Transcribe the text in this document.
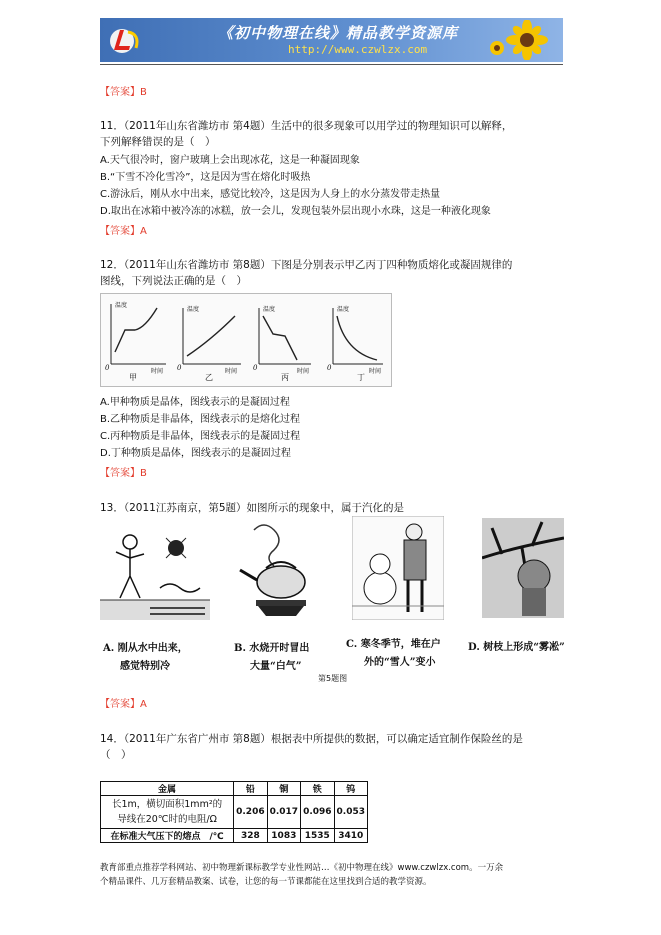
《初中物理在线》精品教学资源库
http://www.czwlzx.com
【答案】B
11．（2011年山东省潍坊市 第4题）生活中的很多现象可以用学过的物理知识可以解释，
下列解释错误的是（　）
A.天气很冷时，窗户玻璃上会出现冰花，这是一种凝固现象
B.“下雪不冷化雪冷”，这是因为雪在熔化时吸热
C.游泳后，刚从水中出来，感觉比较冷，这是因为人身上的水分蒸发带走热量
D.取出在冰箱中被冷冻的冰糕，放一会儿，发现包装外层出现小水珠，这是一种液化现象
【答案】A
12．（2011年山东省潍坊市 第8题）下图是分别表示甲乙丙丁四种物质熔化或凝固规律的
图线，下列说法正确的是（　）
温度
时间
0
甲
温度
时间
0
乙
温度
时间
0
丙
温度
时间
0
丁
A.甲种物质是晶体，图线表示的是凝固过程
B.乙种物质是非晶体，图线表示的是熔化过程
C.丙种物质是非晶体，图线表示的是凝固过程
D.丁种物质是晶体，图线表示的是凝固过程
【答案】B
13．（2011江苏南京，第5题）如图所示的现象中，属于汽化的是
A. 刚从水中出来，
感觉特别冷
B. 水烧开时冒出
大量“白气”
C. 寒冬季节，堆在户
外的“雪人”变小
D. 树枝上形成“雾凇”
第5题图
【答案】A
14．（2011年广东省广州市 第8题）根据表中所提供的数据，可以确定适宜制作保险丝的是
（　）
金属	铅	铜	铁	钨

长1m，横切面积1mm²的
导线在20℃时的电阻/Ω	0.206	0.017	0.096	0.053
在标准大气压下的熔点　/℃	328	1083	1535	3410
教育部重点推荐学科网站、初中物理新课标教学专业性网站…《初中物理在线》www.czwlzx.com。一万余
个精品课件、几万套精品教案、试卷，让您的每一节课都能在这里找到合适的教学资源。
